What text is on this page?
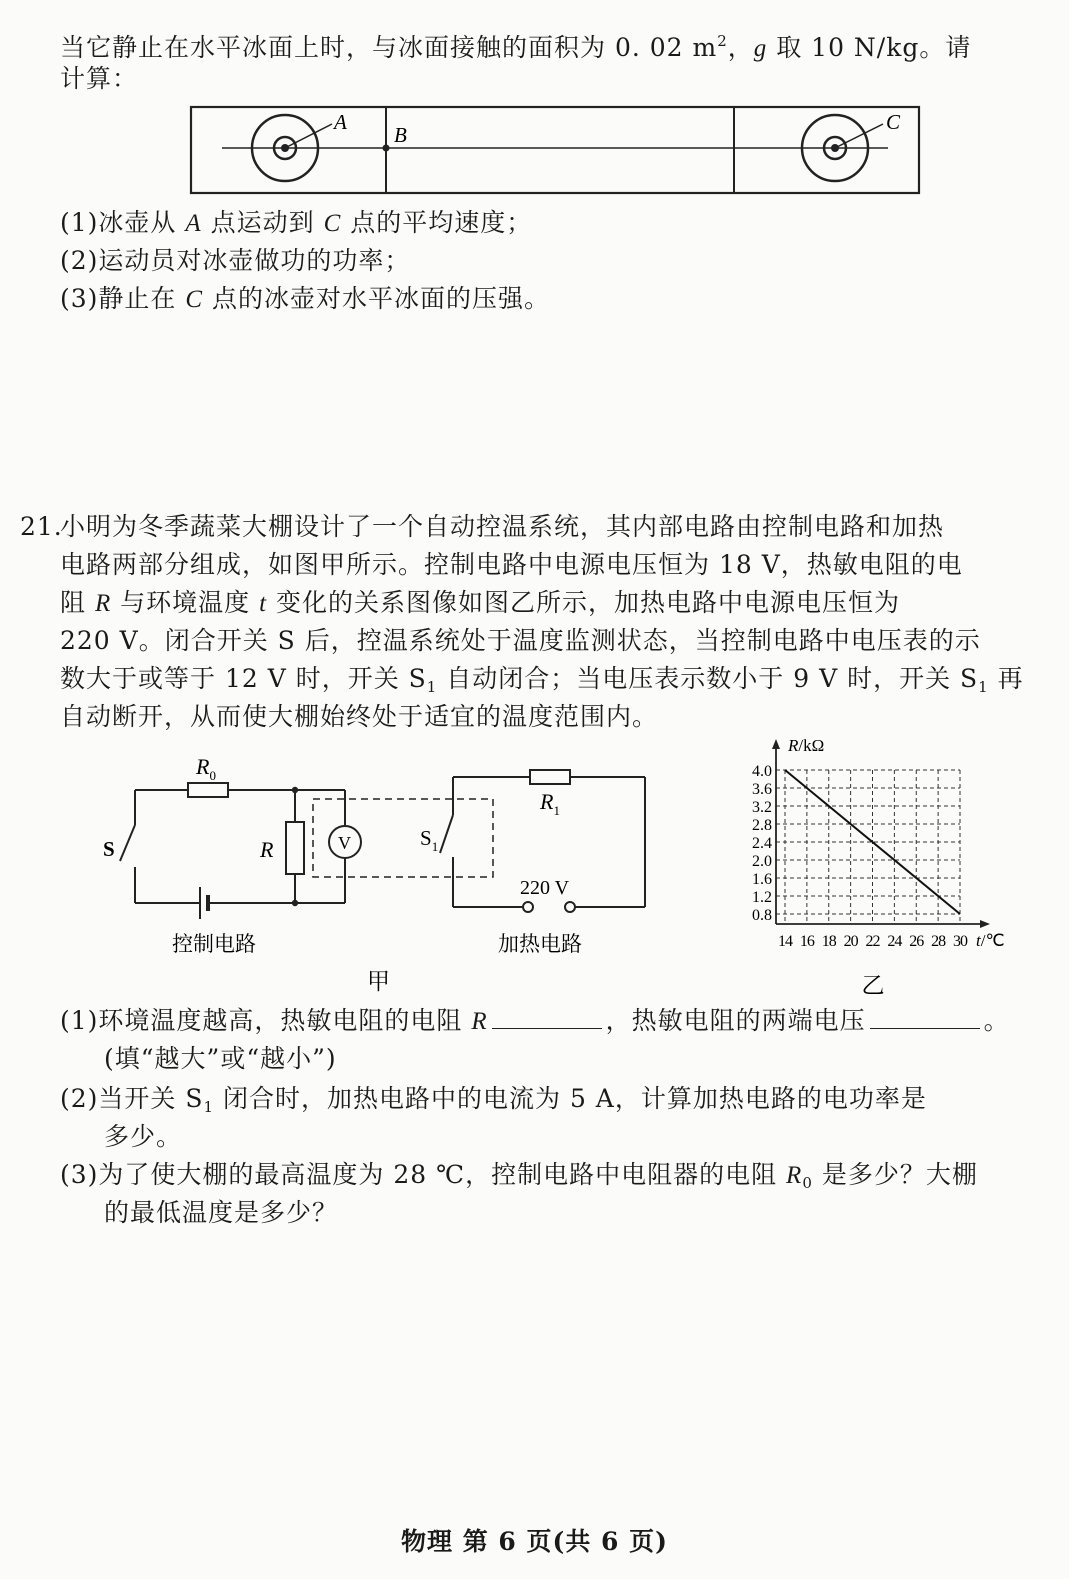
当它静止在水平冰面上时，与冰面接触的面积为 0. 02 $m^2$，g 取 10 N/kg。请
计算：
A
B
C
(1)冰壶从 A 点运动到 C 点的平均速度；
(2)运动员对冰壶做功的功率；
(3)静止在 C 点的冰壶对水平冰面的压强。
21.
小明为冬季蔬菜大棚设计了一个自动控温系统，其内部电路由控制电路和加热
电路两部分组成，如图甲所示。控制电路中电源电压恒为 18 V，热敏电阻的电
阻 R 与环境温度 t 变化的关系图像如图乙所示，加热电路中电源电压恒为
220 V。闭合开关 S 后，控温系统处于温度监测状态，当控制电路中电压表的示
数大于或等于 12 V 时，开关 $S_1$ 自动闭合；当电压表示数小于 9 V 时，开关 $S_1$ 再
自动断开，从而使大棚始终处于适宜的温度范围内。
$R_0$
S	R	V	$S_1$
$R_1$
220 V
控制电路	加热电路
甲
4.0
3.6
3.2
2.8
2.4
2.0
1.6
1.2
0.8
14 16 18 20 22 24 26 28 30
R/kΩ
t/℃
乙
(1)环境温度越高，热敏电阻的电阻 R	，热敏电阻的两端电压	。
(填“越大”或“越小”)
(2)当开关 $S_1$ 闭合时，加热电路中的电流为 5 A，计算加热电路的电功率是
多少。
(3)为了使大棚的最高温度为 28 ℃，控制电路中电阻器的电阻 $R_0$ 是多少？大棚
的最低温度是多少？
物理 第 6 页(共 6 页)
